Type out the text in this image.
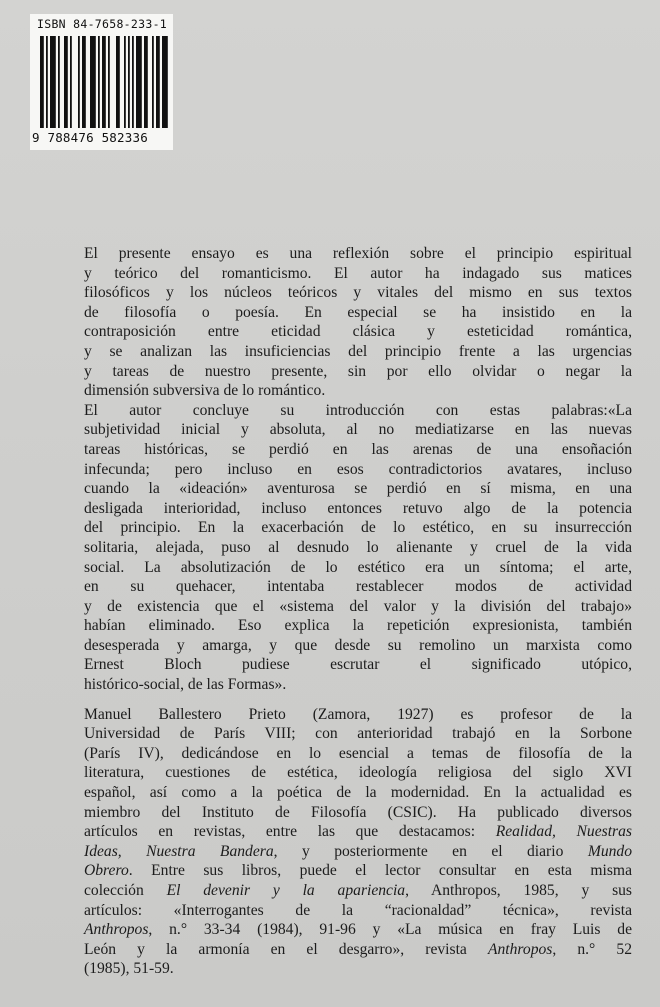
ISBN 84-7658-233-1
9 788476 582336

El presente ensayo es una reflexión sobre el principio espiritual
y teórico del romanticismo. El autor ha indagado sus matices
filosóficos y los núcleos teóricos y vitales del mismo en sus textos
de filosofía o poesía. En especial se ha insistido en la
contraposición entre eticidad clásica y esteticidad romántica,
y se analizan las insuficiencias del principio frente a las urgencias
y tareas de nuestro presente, sin por ello olvidar o negar la
dimensión subversiva de lo romántico.

El autor concluye su introducción con estas palabras:«La
subjetividad inicial y absoluta, al no mediatizarse en las nuevas
tareas históricas, se perdió en las arenas de una ensoñación
infecunda; pero incluso en esos contradictorios avatares, incluso
cuando la «ideación» aventurosa se perdió en sí misma, en una
desligada interioridad, incluso entonces retuvo algo de la potencia
del principio. En la exacerbación de lo estético, en su insurrección
solitaria, alejada, puso al desnudo lo alienante y cruel de la vida
social. La absolutización de lo estético era un síntoma; el arte,
en su quehacer, intentaba restablecer modos de actividad
y de existencia que el «sistema del valor y la división del trabajo»
habían eliminado. Eso explica la repetición expresionista, también
desesperada y amarga, y que desde su remolino un marxista como
Ernest Bloch pudiese escrutar el significado utópico,
histórico-social, de las Formas».

Manuel Ballestero Prieto (Zamora, 1927) es profesor de la
Universidad de París VIII; con anterioridad trabajó en la Sorbone
(París IV), dedicándose en lo esencial a temas de filosofía de la
literatura, cuestiones de estética, ideología religiosa del siglo XVI
español, así como a la poética de la modernidad. En la actualidad es
miembro del Instituto de Filosofía (CSIC). Ha publicado diversos
artículos en revistas, entre las que destacamos: Realidad, Nuestras
Ideas, Nuestra Bandera, y posteriormente en el diario Mundo
Obrero. Entre sus libros, puede el lector consultar en esta misma
colección El devenir y la apariencia, Anthropos, 1985, y sus
artículos: «Interrogantes de la “racionaldad” técnica», revista
Anthropos, n.° 33-34 (1984), 91-96 y «La música en fray Luis de
León y la armonía en el desgarro», revista Anthropos, n.° 52
(1985), 51-59.
